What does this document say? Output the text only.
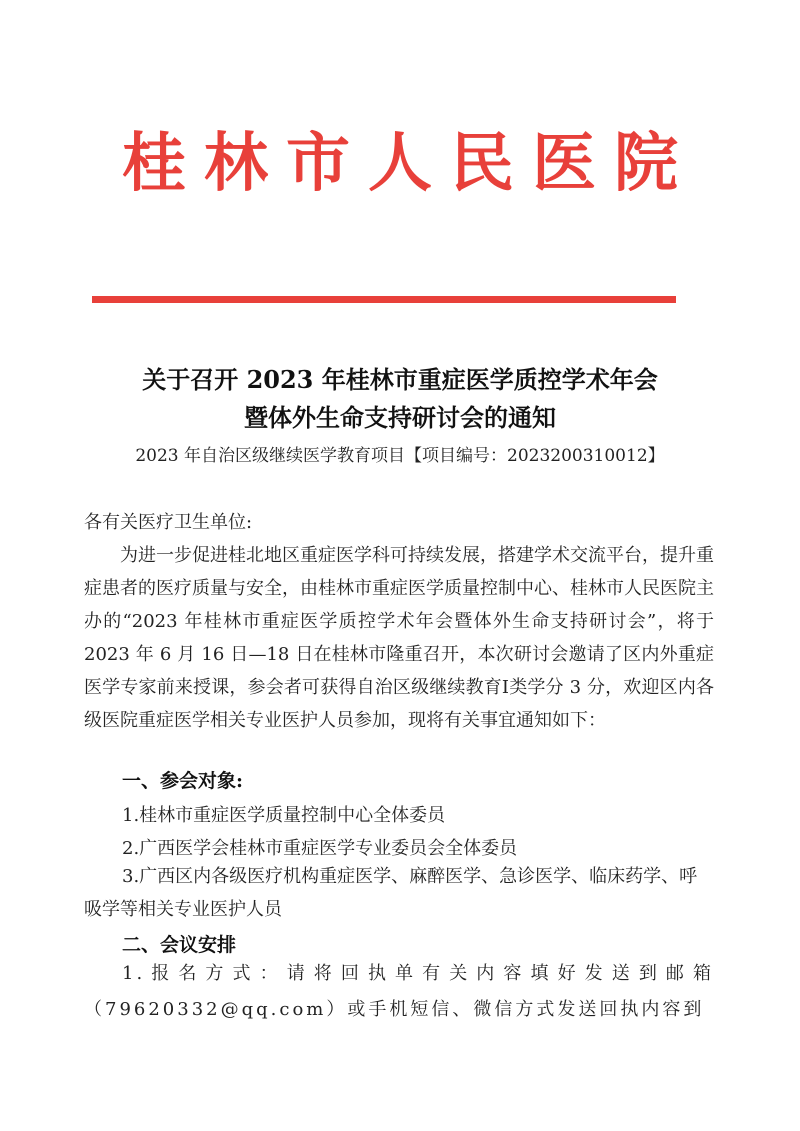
桂林市人民医院
关于召开 2023 年桂林市重症医学质控学术年会
暨体外生命支持研讨会的通知
2023 年自治区级继续医学教育项目【项目编号：2023200310012】
各有关医疗卫生单位:

为进一步促进桂北地区重症医学科可持续发展，搭建学术交流平台，提升重症患者的医疗质量与安全，由桂林市重症医学质量控制中心、桂林市人民医院主办的“2023 年桂林市重症医学质控学术年会暨体外生命支持研讨会”，将于 2023 年 6 月 16 日—18 日在桂林市隆重召开，本次研讨会邀请了区内外重症医学专家前来授课，参会者可获得自治区级继续教育Ⅰ类学分 3 分，欢迎区内各级医院重症医学相关专业医护人员参加，现将有关事宜通知如下：

一、参会对象:
1.桂林市重症医学质量控制中心全体委员
2.广西医学会桂林市重症医学专业委员会全体委员
3.广西区内各级医疗机构重症医学、麻醉医学、急诊医学、临床药学、呼吸学等相关专业医护人员
二、会议安排
1.报名方式：请将回执单有关内容填好发送到邮箱（79620332@qq.com）或手机短信、微信方式发送回执内容到
